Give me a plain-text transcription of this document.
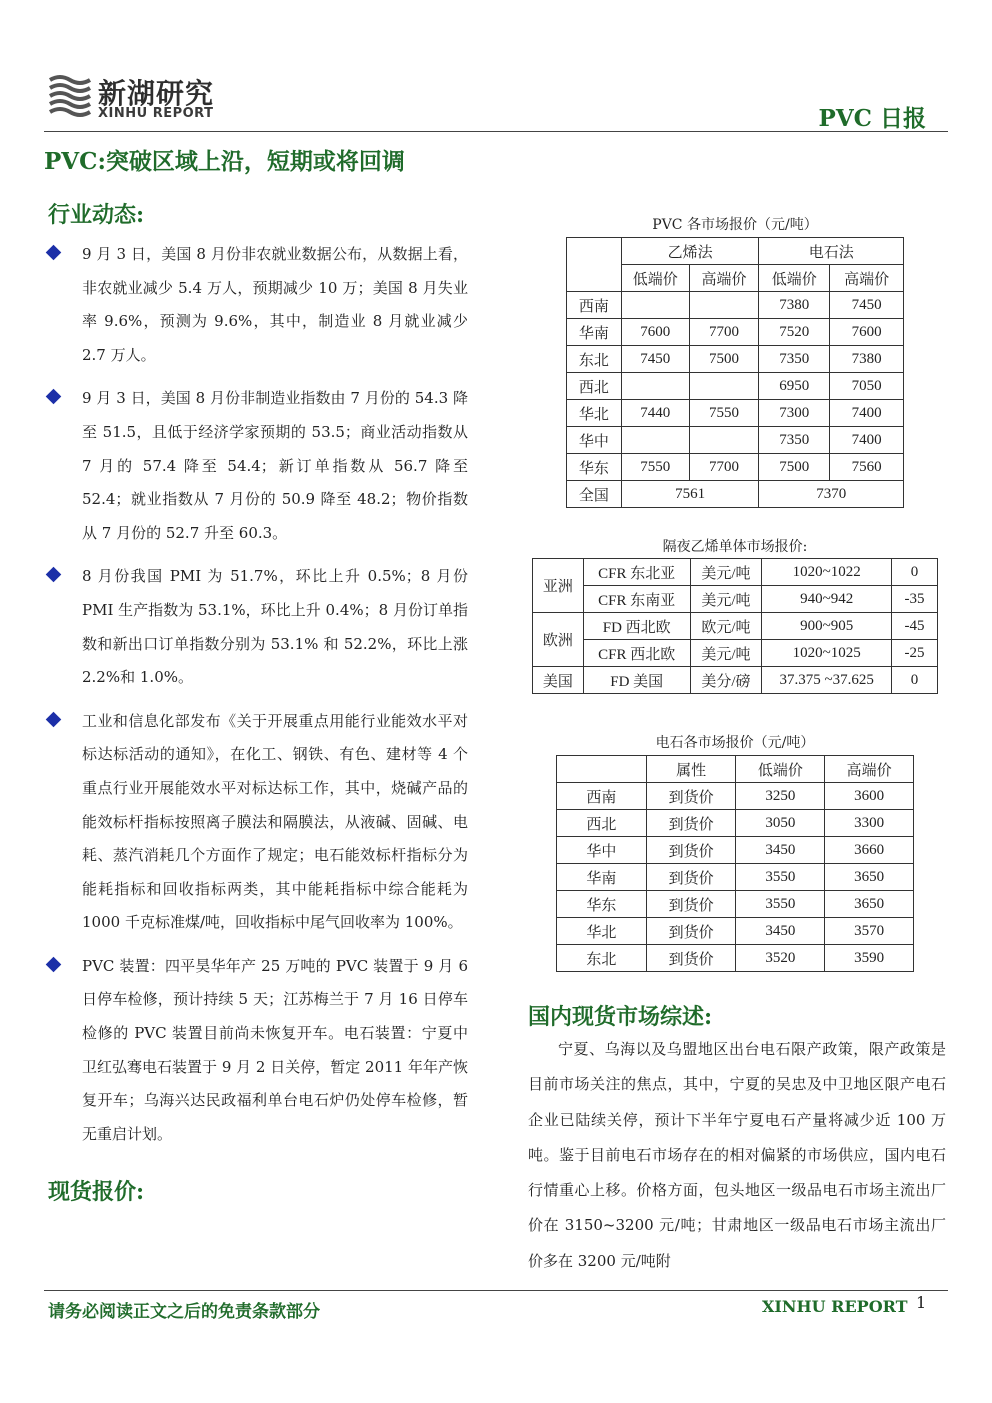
新湖研究
XINHU REPORT	PVC 日报
PVC:突破区域上沿，短期或将回调
行业动态:
9 月 3 日，美国 8 月份非农就业数据公布，从数据上看，非农就业减少 5.4 万人，预期减少 10 万；美国 8 月失业率 9.6%，预测为 9.6%，其中，制造业 8 月就业减少 2.7 万人。
9 月 3 日，美国 8 月份非制造业指数由 7 月份的 54.3 降至 51.5，且低于经济学家预期的 53.5；商业活动指数从 7 月的 57.4 降至 54.4；新订单指数从 56.7 降至 52.4；就业指数从 7 月份的 50.9 降至 48.2；物价指数从 7 月份的 52.7 升至 60.3。
8 月份我国 PMI 为 51.7%，环比上升 0.5%；8 月份 PMI 生产指数为 53.1%，环比上升 0.4%；8 月份订单指数和新出口订单指数分别为 53.1% 和 52.2%，环比上涨 2.2%和 1.0%。
工业和信息化部发布《关于开展重点用能行业能效水平对标达标活动的通知》，在化工、钢铁、有色、建材等 4 个重点行业开展能效水平对标达标工作，其中，烧碱产品的能效标杆指标按照离子膜法和隔膜法，从液碱、固碱、电耗、蒸汽消耗几个方面作了规定；电石能效标杆指标分为能耗指标和回收指标两类，其中能耗指标中综合能耗为 1000 千克标准煤/吨，回收指标中尾气回收率为 100%。
PVC 装置：四平昊华年产 25 万吨的 PVC 装置于 9 月 6 日停车检修，预计持续 5 天；江苏梅兰于 7 月 16 日停车检修的 PVC 装置目前尚未恢复开车。电石装置：宁夏中卫红弘骞电石装置于 9 月 2 日关停，暂定 2011 年年产恢复开车；乌海兴达民政福利单台电石炉仍处停车检修，暂无重启计划。
现货报价:
PVC 各市场报价（元/吨）
	乙烯法		电石法	
	低端价	高端价	低端价	高端价
西南			7380	7450
华南	7600	7700	7520	7600
东北	7450	7500	7350	7380
西北			6950	7050
华北	7440	7550	7300	7400
华中			7350	7400
华东	7550	7700	7500	7560
全国	7561		7370	
隔夜乙烯单体市场报价:
亚洲	CFR 东北亚	美元/吨	1020~1022	0
	CFR 东南亚	美元/吨	940~942	-35
欧洲	FD 西北欧	欧元/吨	900~905	-45
	CFR 西北欧	美元/吨	1020~1025	-25
美国	FD 美国	美分/磅	37.375 ~37.625	0
电石各市场报价（元/吨）
	属性	低端价	高端价
西南	到货价	3250	3600
西北	到货价	3050	3300
华中	到货价	3450	3660
华南	到货价	3550	3650
华东	到货价	3550	3650
华北	到货价	3450	3570
东北	到货价	3520	3590
国内现货市场综述:
宁夏、乌海以及乌盟地区出台电石限产政策，限产政策是目前市场关注的焦点，其中，宁夏的吴忠及中卫地区限产电石企业已陆续关停，预计下半年宁夏电石产量将减少近 100 万吨。鉴于目前电石市场存在的相对偏紧的市场供应，国内电石行情重心上移。价格方面，包头地区一级品电石市场主流出厂价在 3150~3200 元/吨；甘肃地区一级品电石市场主流出厂价多在 3200 元/吨附
请务必阅读正文之后的免责条款部分	XINHU REPORT 1
